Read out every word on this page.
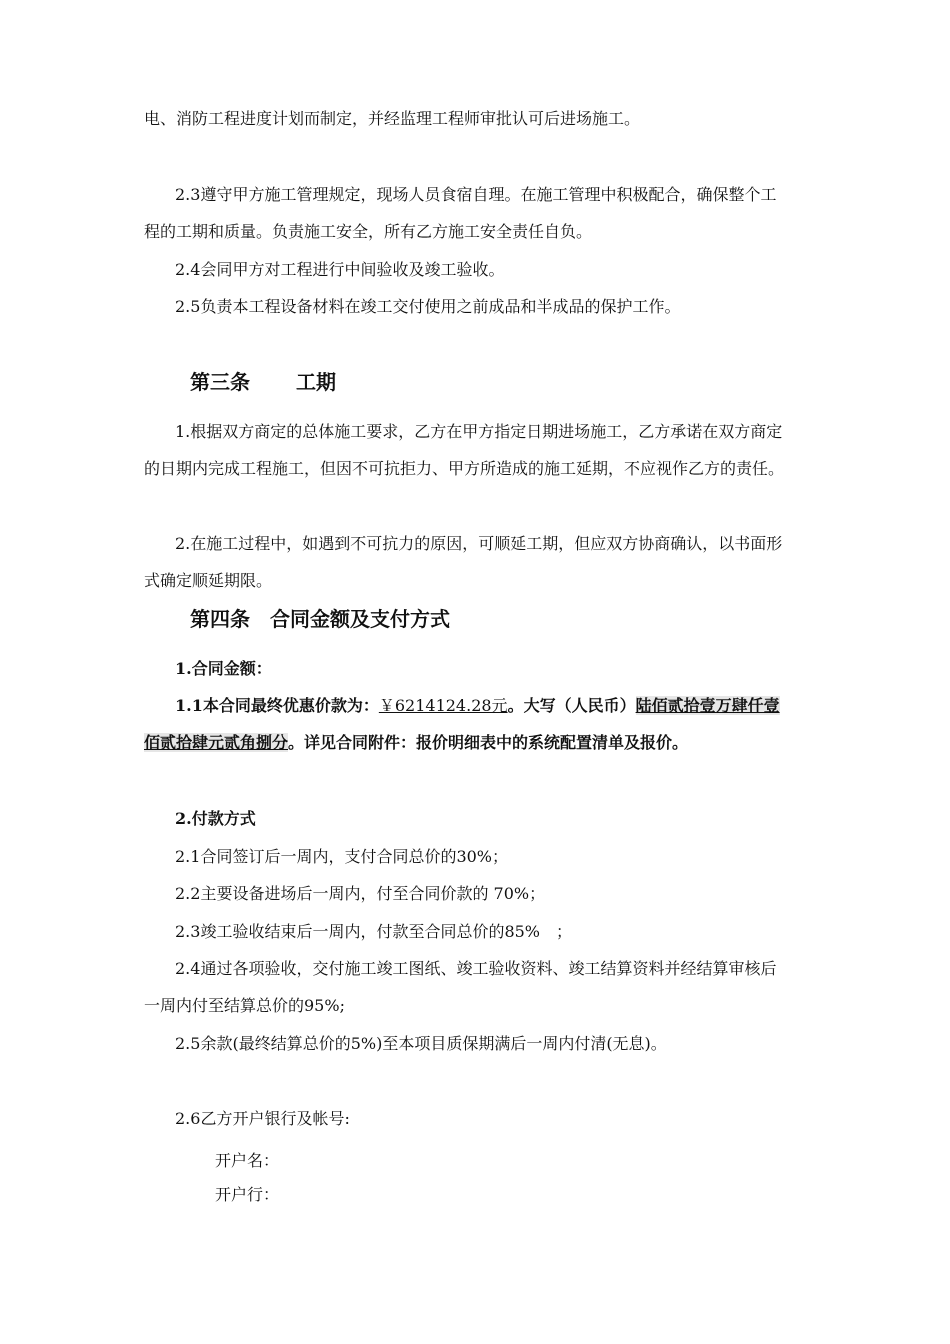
电、消防工程进度计划而制定，并经监理工程师审批认可后进场施工。
2.3遵守甲方施工管理规定，现场人员食宿自理。在施工管理中积极配合，确保整个工
程的工期和质量。负责施工安全，所有乙方施工安全责任自负。
2.4会同甲方对工程进行中间验收及竣工验收。
2.5负责本工程设备材料在竣工交付使用之前成品和半成品的保护工作。
第三条 工期
1.根据双方商定的总体施工要求，乙方在甲方指定日期进场施工，乙方承诺在双方商定
的日期内完成工程施工，但因不可抗拒力、甲方所造成的施工延期，不应视作乙方的责任。
2.在施工过程中，如遇到不可抗力的原因，可顺延工期，但应双方协商确认，以书面形
式确定顺延期限。
第四条 合同金额及支付方式
1.合同金额：
1.1本合同最终优惠价款为：￥6214124.28元。大写（人民币）陆佰贰拾壹万肆仟壹
佰贰拾肆元贰角捌分。详见合同附件：报价明细表中的系统配置清单及报价。
2.付款方式
2.1合同签订后一周内，支付合同总价的30%；
2.2主要设备进场后一周内，付至合同价款的 70%；
2.3竣工验收结束后一周内，付款至合同总价的85%　；
2.4通过各项验收，交付施工竣工图纸、竣工验收资料、竣工结算资料并经结算审核后
一周内付至结算总价的95%;
2.5余款(最终结算总价的5%)至本项目质保期满后一周内付清(无息)。
2.6乙方开户银行及帐号:
开户名：
开户行：
